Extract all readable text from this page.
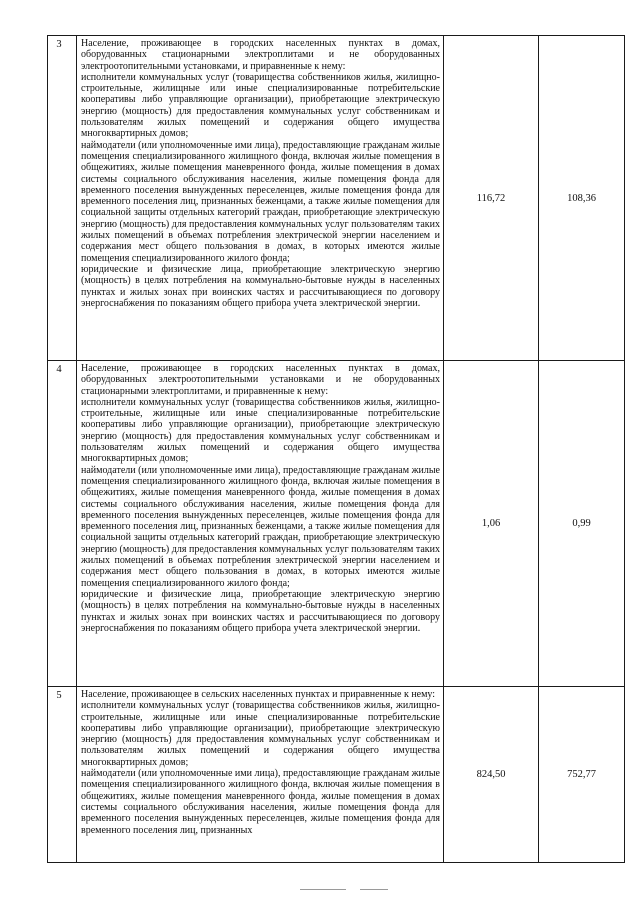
3	Население, проживающее в городских населенных пунктах в домах, оборудованных стационарными электроплитами и не оборудованных электроотопительными установками, и приравненные к нему:

исполнители коммунальных услуг (товарищества собственников жилья, жилищно-строительные, жилищные или иные специализированные потребительские кооперативы либо управляющие организации), приобретающие электрическую энергию (мощность) для предоставления коммунальных услуг собственникам и пользователям жилых помещений и содержания общего имущества многоквартирных домов;

наймодатели (или уполномоченные ими лица), предоставляющие гражданам жилые помещения специализированного жилищного фонда, включая жилые помещения в общежитиях, жилые помещения маневренного фонда, жилые помещения в домах системы социального обслуживания населения, жилые помещения фонда для временного поселения вынужденных переселенцев, жилые помещения фонда для временного поселения лиц, признанных беженцами, а также жилые помещения для социальной защиты отдельных категорий граждан, приобретающие электрическую энергию (мощность) для предоставления коммунальных услуг пользователям таких жилых помещений в объемах потребления электрической энергии населением и содержания мест общего пользования в домах, в которых имеются жилые помещения специализированного жилого фонда;

юридические и физические лица, приобретающие электрическую энергию (мощность) в целях потребления на коммунально-бытовые нужды в населенных пунктах и жилых зонах при воинских частях и рассчитывающиеся по договору энергоснабжения по показаниям общего прибора учета электрической энергии.	116,72	108,36
4	Население, проживающее в городских населенных пунктах в домах, оборудованных электроотопительными установками и не оборудованных стационарными электроплитами, и приравненные к нему:

исполнители коммунальных услуг (товарищества собственников жилья, жилищно-строительные, жилищные или иные специализированные потребительские кооперативы либо управляющие организации), приобретающие электрическую энергию (мощность) для предоставления коммунальных услуг собственникам и пользователям жилых помещений и содержания общего имущества многоквартирных домов;

наймодатели (или уполномоченные ими лица), предоставляющие гражданам жилые помещения специализированного жилищного фонда, включая жилые помещения в общежитиях, жилые помещения маневренного фонда, жилые помещения в домах системы социального обслуживания населения, жилые помещения фонда для временного поселения вынужденных переселенцев, жилые помещения фонда для временного поселения лиц, признанных беженцами, а также жилые помещения для социальной защиты отдельных категорий граждан, приобретающие электрическую энергию (мощность) для предоставления коммунальных услуг пользователям таких жилых помещений в объемах потребления электрической энергии населением и содержания мест общего пользования в домах, в которых имеются жилые помещения специализированного жилого фонда;

юридические и физические лица, приобретающие электрическую энергию (мощность) в целях потребления на коммунально-бытовые нужды в населенных пунктах и жилых зонах при воинских частях и рассчитывающиеся по договору энергоснабжения по показаниям общего прибора учета электрической энергии.	1,06	0,99
5	Население, проживающее в сельских населенных пунктах и приравненные к нему:

исполнители коммунальных услуг (товарищества собственников жилья, жилищно-строительные, жилищные или иные специализированные потребительские кооперативы либо управляющие организации), приобретающие электрическую энергию (мощность) для предоставления коммунальных услуг собственникам и пользователям жилых помещений и содержания общего имущества многоквартирных домов;

наймодатели (или уполномоченные ими лица), предоставляющие гражданам жилые помещения специализированного жилищного фонда, включая жилые помещения в общежитиях, жилые помещения маневренного фонда, жилые помещения в домах системы социального обслуживания населения, жилые помещения фонда для временного поселения вынужденных переселенцев, жилые помещения фонда для временного поселения лиц, признанных	824,50	752,77
